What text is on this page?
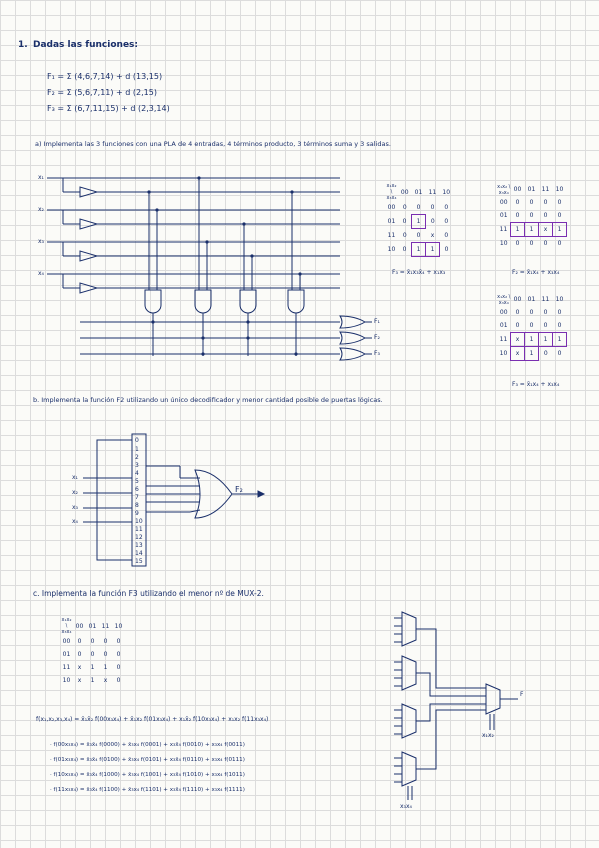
1. Dadas las funciones:
F₁ = Σ (4,6,7,14) + d (13,15)
F₂ = Σ (5,6,7,11) + d (2,15)
F₃ = Σ (6,7,11,15) + d (2,3,14)
a) Implementa las 3 funciones con una PLA de 4 entradas, 4 términos producto, 3 términos suma y 3 salidas.
x₁
x₂
x₃
x₄
F₁
F₂
F₃
x₁x₂ \ x₃x₄	00	01	11	10
00	0	0	0	0
01	0	1	0	0
11	0	0	x	0
10	0	1	1	0
F₃ = x̄₁x₃x̄₄ + x₁x₃
x₁x₂ \ x₃x₄	00	01	11	10
00	0	0	0	0
01	0	0	0	0
11	1	1	x	1
10	0	0	0	0
F₂ = x̄₁x₄ + x₃x₄
x₁x₂ \ x₃x₄	00	01	11	10
00	0	0	0	0
01	0	0	0	0
11	x	1	1	1
10	x	1	0	0
F₃ = x̄₁x₄ + x₃x₄
b. Implementa la función F2 utilizando un único decodificador y menor cantidad posible de puertas lógicas.
x₁
x₂
x₃
x₄
0
1
2
3
4
5
6
7
8
9
10
11
12
13
14
15
F₂
c. Implementa la función F3 utilizando el menor nº de MUX-2.
x₁x₂ \ x₃x₄	00	01	11	10
00	0	0	0	0
01	0	0	0	0
11	x	1	1	0
10	x	1	x	0
f(x₁,x₂,x₃,x₄) = x̄₁x̄₂ f(00x₃x₄) + x̄₁x₂ f(01x₃x₄) + x₁x̄₂ f(10x₃x₄) + x₁x₂ f(11x₃x₄)
· f(00x₃x₄) = x̄₃x̄₄ f(0000) + x̄₃x₄ f(0001) + x₃x̄₄ f(0010) + x₃x₄ f(0011)
· f(01x₃x₄) = x̄₃x̄₄ f(0100) + x̄₃x₄ f(0101) + x₃x̄₄ f(0110) + x₃x₄ f(0111)
· f(10x₃x₄) = x̄₃x̄₄ f(1000) + x̄₃x₄ f(1001) + x₃x̄₄ f(1010) + x₃x₄ f(1011)
· f(11x₃x₄) = x̄₃x̄₄ f(1100) + x̄₃x₄ f(1101) + x₃x̄₄ f(1110) + x₃x₄ f(1111)
x₁x₂
x₃x₄
F
